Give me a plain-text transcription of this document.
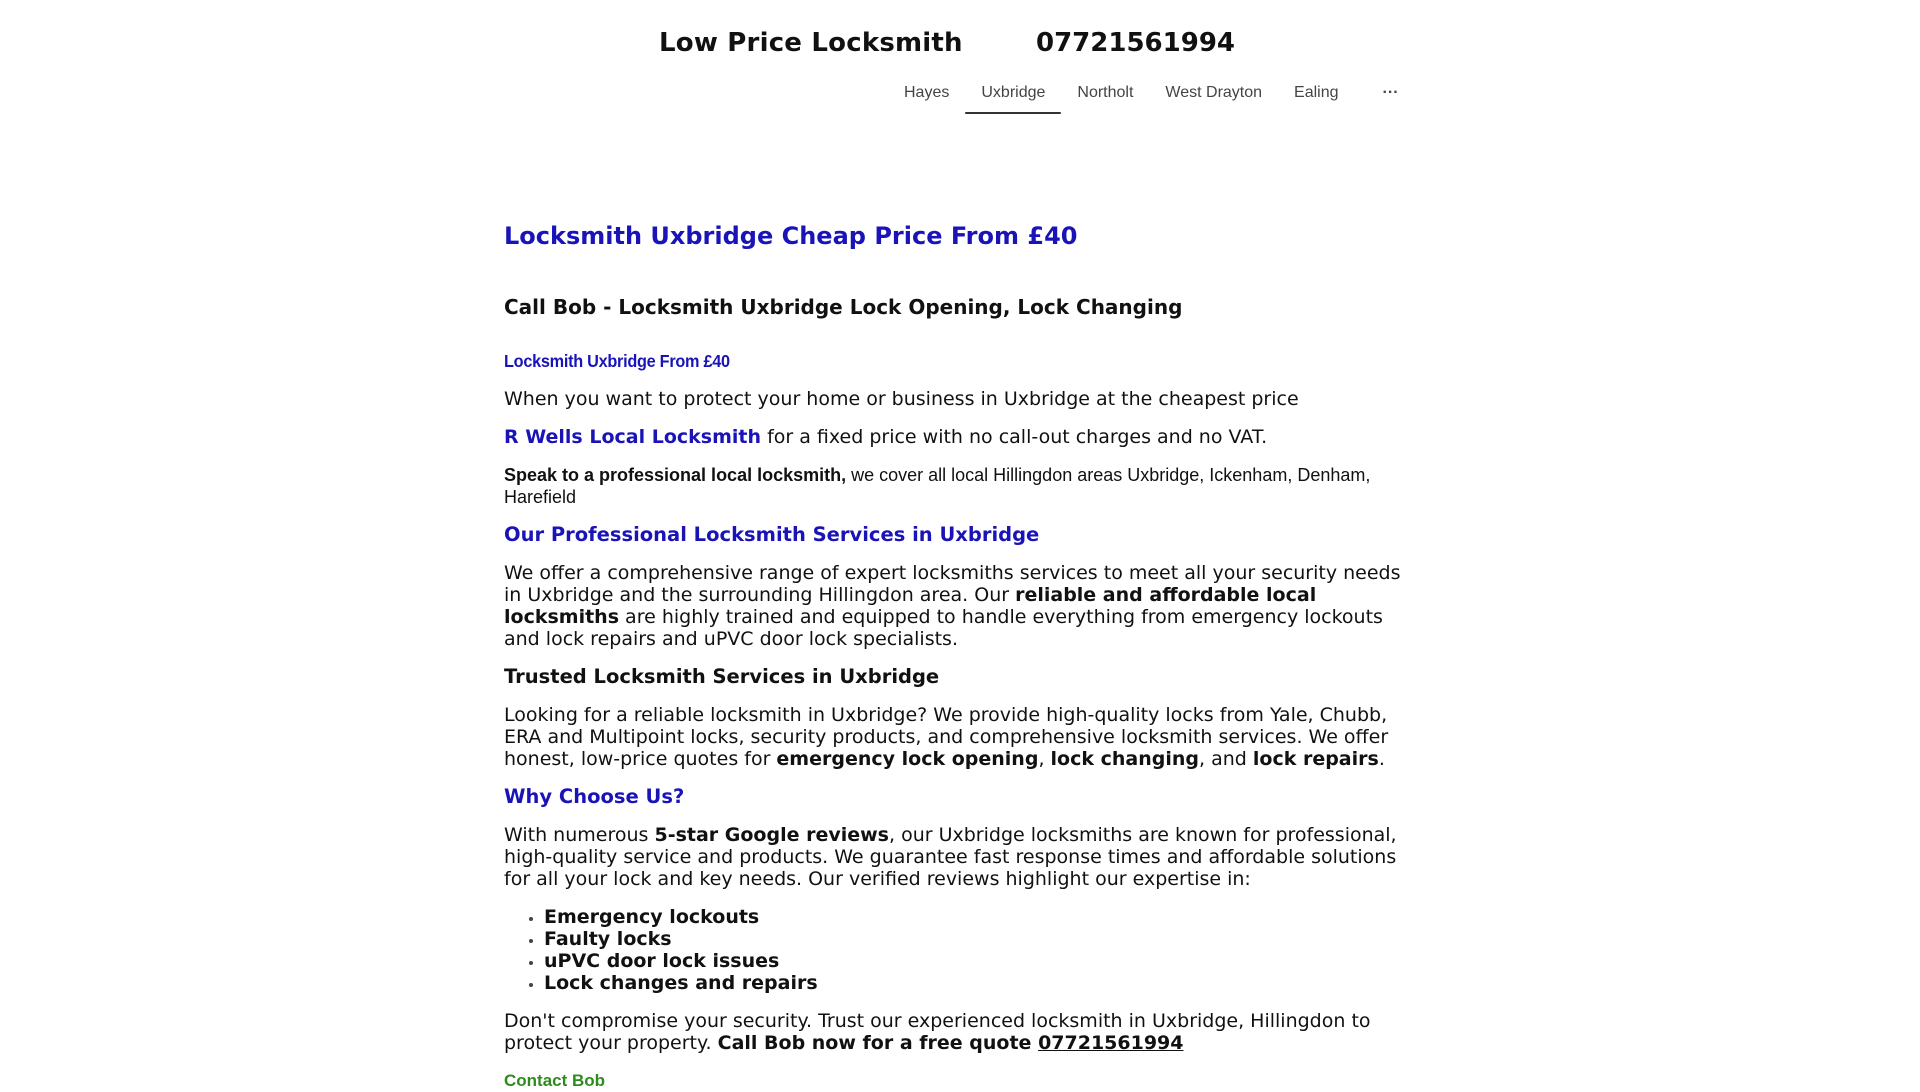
Low Price Locksmith	07721561994
Hayes	Uxbridge	Northolt	West Drayton	Ealing	···
Locksmith Uxbridge Cheap Price From £40
Call Bob - Locksmith Uxbridge Lock Opening, Lock Changing
Locksmith Uxbridge From £40

When you want to protect your home or business in Uxbridge at the cheapest price

R Wells Local Locksmith for a fixed price with no call-out charges and no VAT.

Speak to a professional local locksmith, we cover all local Hillingdon areas Uxbridge, Ickenham, Denham, Harefield

Our Professional Locksmith Services in Uxbridge

We offer a comprehensive range of expert locksmiths services to meet all your security needs in Uxbridge and the surrounding Hillingdon area. Our reliable and affordable local locksmiths are highly trained and equipped to handle everything from emergency lockouts and lock repairs and uPVC door lock specialists.

Trusted Locksmith Services in Uxbridge

Looking for a reliable locksmith in Uxbridge? We provide high-quality locks from Yale, Chubb, ERA and Multipoint locks, security products, and comprehensive locksmith services. We offer honest, low-price quotes for emergency lock opening, lock changing, and lock repairs.

Why Choose Us?

With numerous 5-star Google reviews, our Uxbridge locksmiths are known for professional, high-quality service and products. We guarantee fast response times and affordable solutions for all your lock and key needs. Our verified reviews highlight our expertise in:

• Emergency lockouts
• Faulty locks
• uPVC door lock issues
• Lock changes and repairs

Don't compromise your security. Trust our experienced locksmith in Uxbridge, Hillingdon to protect your property. Call Bob now for a free quote 07721561994

Contact Bob
